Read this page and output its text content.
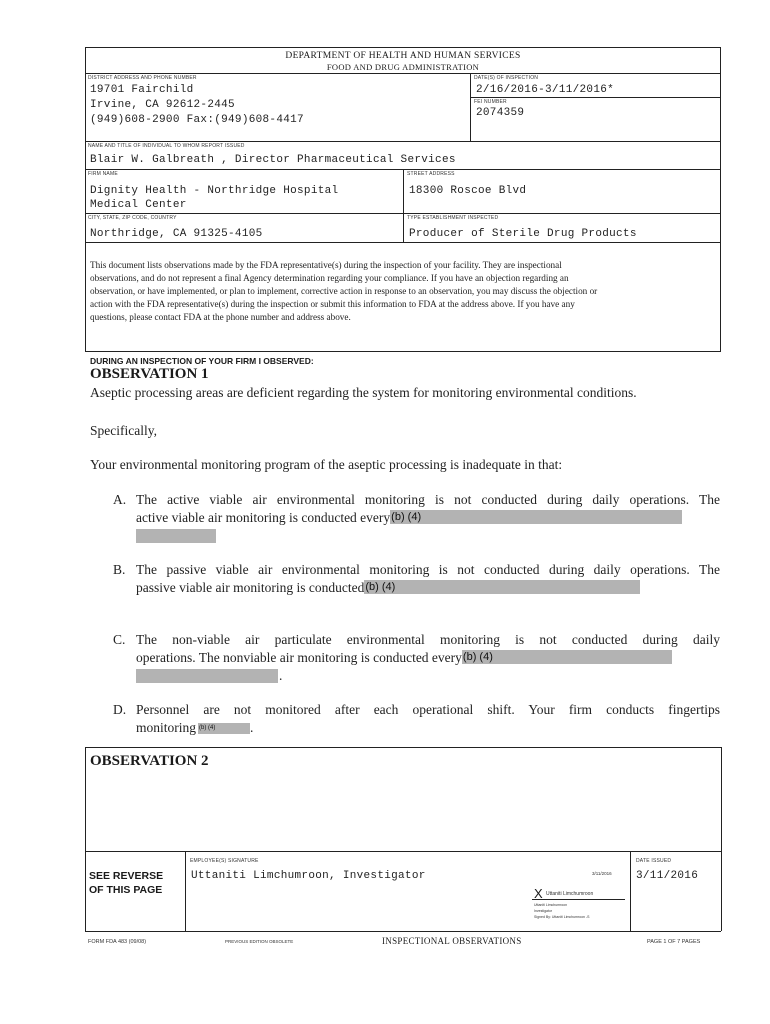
DEPARTMENT OF HEALTH AND HUMAN SERVICES
FOOD AND DRUG ADMINISTRATION
DISTRICT ADDRESS AND PHONE NUMBER
19701 Fairchild
Irvine, CA 92612-2445
(949)608-2900 Fax:(949)608-4417
DATE(S) OF INSPECTION
2/16/2016-3/11/2016*
FEI NUMBER
2074359
NAME AND TITLE OF INDIVIDUAL TO WHOM REPORT ISSUED
Blair W. Galbreath , Director Pharmaceutical Services
FIRM NAME
Dignity Health - Northridge Hospital
Medical Center
STREET ADDRESS
18300 Roscoe Blvd
CITY, STATE, ZIP CODE, COUNTRY
Northridge, CA 91325-4105
TYPE ESTABLISHMENT INSPECTED
Producer of Sterile Drug Products
This document lists observations made by the FDA representative(s) during the inspection of your facility. They are inspectional
observations, and do not represent a final Agency determination regarding your compliance. If you have an objection regarding an
observation, or have implemented, or plan to implement, corrective action in response to an observation, you may discuss the objection or
action with the FDA representative(s) during the inspection or submit this information to FDA at the address above. If you have any
questions, please contact FDA at the phone number and address above.
DURING AN INSPECTION OF YOUR FIRM I OBSERVED:
OBSERVATION 1
Aseptic processing areas are deficient regarding the system for monitoring environmental conditions.
Specifically,
Your environmental monitoring program of the aseptic processing is inadequate in that:
A. The active viable air environmental monitoring is not conducted during daily operations. The
active viable air monitoring is conducted every (b) (4)
B. The passive viable air environmental monitoring is not conducted during daily operations. The
passive viable air monitoring is conducted (b) (4)
C. The non-viable air particulate environmental monitoring is not conducted during daily
operations. The nonviable air monitoring is conducted every (b) (4)
.
D. Personnel are not monitored after each operational shift. Your firm conducts fingertips
monitoring (b) (4)	.
OBSERVATION 2
SEE REVERSE
OF THIS PAGE
EMPLOYEE(S) SIGNATURE
Uttaniti Limchumroon, Investigator	3/11/2016
X Uttaniti Limchumroon
Uttaniti Limchumroon
Investigator
Signed By: Uttaniti Limchumroon -S
DATE ISSUED
3/11/2016
FORM FDA 483 (09/08)	PREVIOUS EDITION OBSOLETE	INSPECTIONAL OBSERVATIONS	PAGE 1 OF 7 PAGES
